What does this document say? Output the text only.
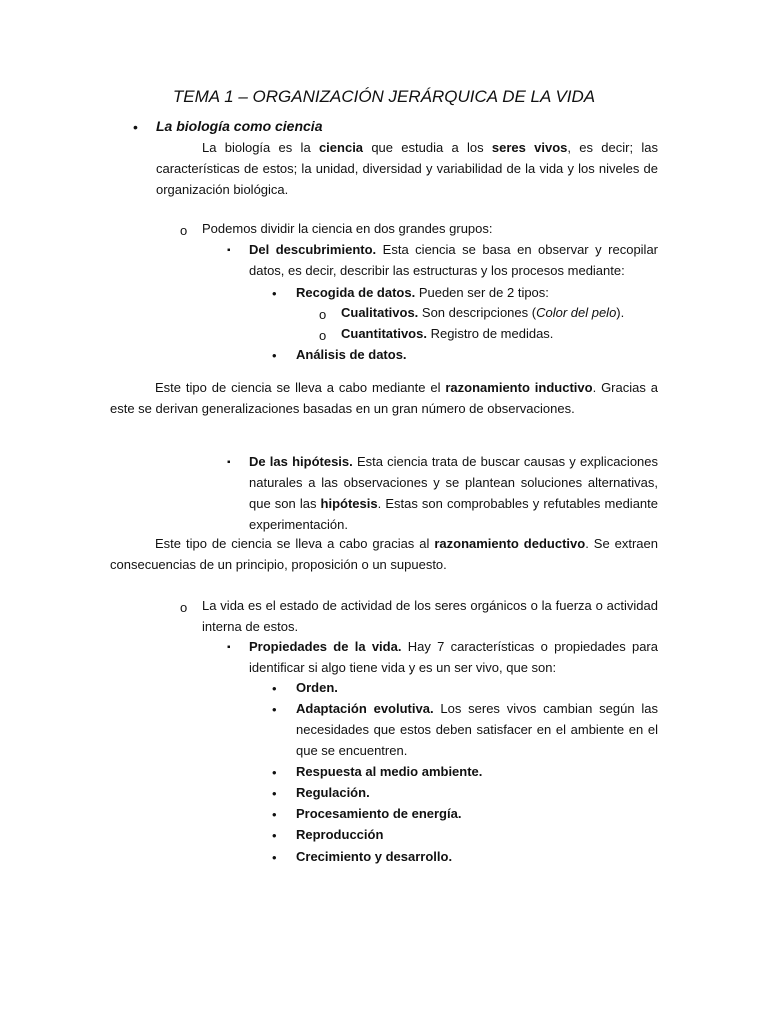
TEMA 1 – ORGANIZACIÓN JERÁRQUICA DE LA VIDA
• La biología como ciencia
La biología es la ciencia que estudia a los seres vivos, es decir; las características de estos; la unidad, diversidad y variabilidad de la vida y los niveles de organización biológica.
o Podemos dividir la ciencia en dos grandes grupos:
▪ Del descubrimiento. Esta ciencia se basa en observar y recopilar datos, es decir, describir las estructuras y los procesos mediante:
• Recogida de datos. Pueden ser de 2 tipos:
o Cualitativos. Son descripciones (Color del pelo).
o Cuantitativos. Registro de medidas.
• Análisis de datos.
Este tipo de ciencia se lleva a cabo mediante el razonamiento inductivo. Gracias a este se derivan generalizaciones basadas en un gran número de observaciones.
▪ De las hipótesis. Esta ciencia trata de buscar causas y explicaciones naturales a las observaciones y se plantean soluciones alternativas, que son las hipótesis. Estas son comprobables y refutables mediante experimentación.
Este tipo de ciencia se lleva a cabo gracias al razonamiento deductivo. Se extraen consecuencias de un principio, proposición o un supuesto.
o La vida es el estado de actividad de los seres orgánicos o la fuerza o actividad interna de estos.
▪ Propiedades de la vida. Hay 7 características o propiedades para identificar si algo tiene vida y es un ser vivo, que son:
• Orden.
• Adaptación evolutiva. Los seres vivos cambian según las necesidades que estos deben satisfacer en el ambiente en el que se encuentren.
• Respuesta al medio ambiente.
• Regulación.
• Procesamiento de energía.
• Reproducción
• Crecimiento y desarrollo.
